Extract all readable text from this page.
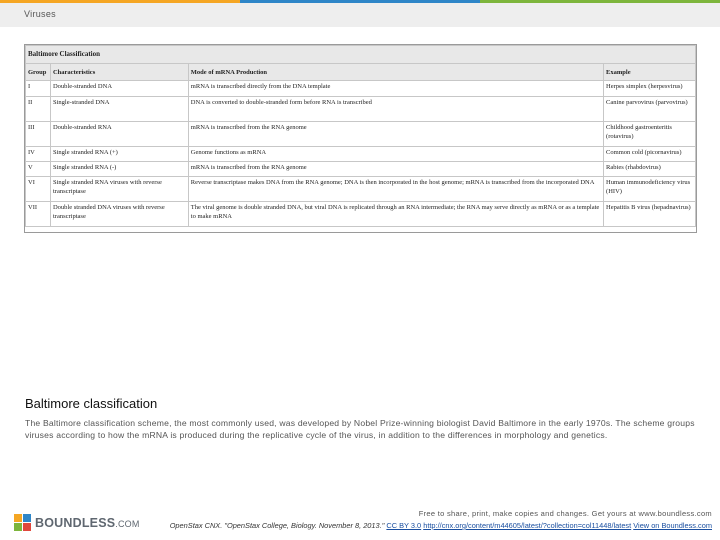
Viruses
Baltimore Classification			
Group	Characteristics	Mode of mRNA Production	Example
I	Double-stranded DNA	mRNA is transcribed directly from the DNA template	Herpes simplex (herpesvirus)
II	Single-stranded DNA	DNA is converted to double-stranded form before RNA is transcribed	Canine parvovirus (parvovirus)
III	Double-stranded RNA	mRNA is transcribed from the RNA genome	Childhood gastroenteritis (rotavirus)
IV	Single stranded RNA (+)	Genome functions as mRNA	Common cold (picornavirus)
V	Single stranded RNA (-)	mRNA is transcribed from the RNA genome	Rabies (rhabdovirus)
VI	Single stranded RNA viruses with reverse transcriptase	Reverse transcriptase makes DNA from the RNA genome; DNA is then incorporated in the host genome; mRNA is transcribed from the incorporated DNA	Human immunodeficiency virus (HIV)
VII	Double stranded DNA viruses with reverse transcriptase	The viral genome is double stranded DNA, but viral DNA is replicated through an RNA intermediate; the RNA may serve directly as mRNA or as a template to make mRNA	Hepatitis B virus (hepadnavirus)
Baltimore classification
The Baltimore classification scheme, the most commonly used, was developed by Nobel Prize-winning biologist David Baltimore in the early 1970s. The scheme groups viruses according to how the mRNA is produced during the replicative cycle of the virus, in addition to the differences in morphology and genetics.
BOUNDLESS.COM
Free to share, print, make copies and changes. Get yours at www.boundless.com
OpenStax CNX. "OpenStax College, Biology. November 8, 2013." CC BY 3.0 http://cnx.org/content/m44605/latest/?collection=col11448/latest View on Boundless.com
